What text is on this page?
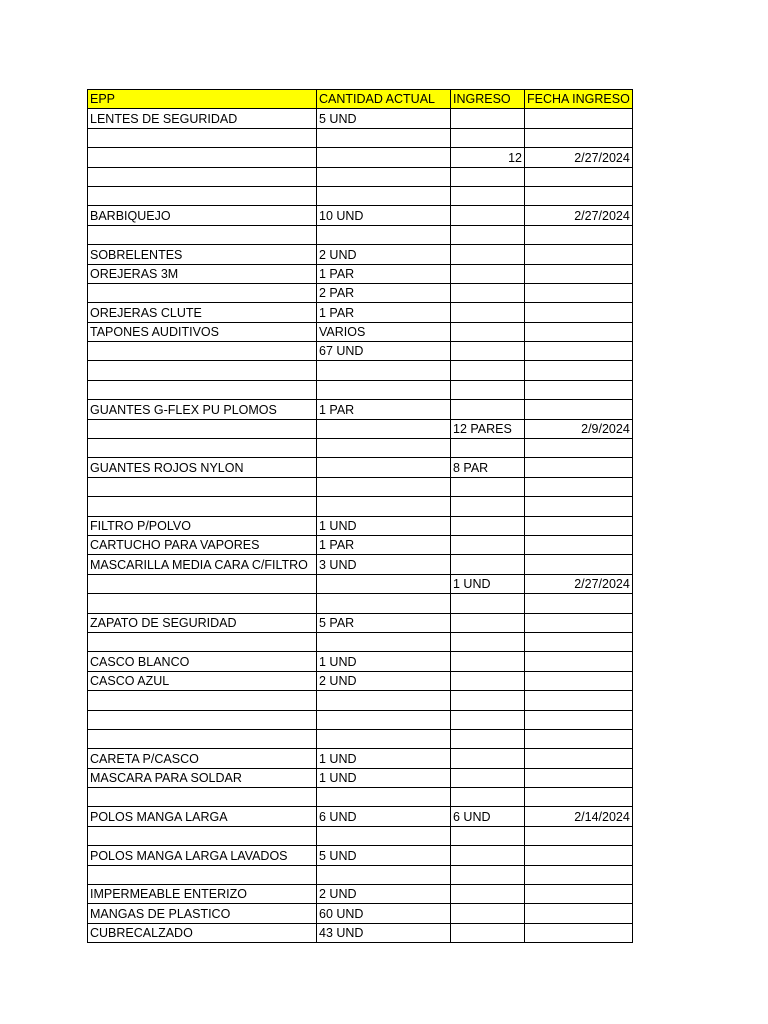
EPP	CANTIDAD ACTUAL	INGRESO	FECHA INGRESO
LENTES DE SEGURIDAD	5 UND		

		12	2/27/2024

BARBIQUEJO	10 UND		2/27/2024

SOBRELENTES	2 UND		
OREJERAS 3M	1 PAR		
	2 PAR		
OREJERAS CLUTE	1 PAR		
TAPONES AUDITIVOS	VARIOS		
	67 UND		

GUANTES G-FLEX PU PLOMOS	1 PAR		
		12 PARES	2/9/2024

GUANTES ROJOS NYLON		8 PAR	

FILTRO P/POLVO	1 UND		
CARTUCHO PARA VAPORES	1 PAR		
MASCARILLA MEDIA CARA C/FILTRO	3 UND		
		1 UND	2/27/2024

ZAPATO DE SEGURIDAD	5 PAR		

CASCO BLANCO	1 UND		
CASCO AZUL	2 UND		

CARETA P/CASCO	1 UND		
MASCARA PARA SOLDAR	1 UND		

POLOS MANGA LARGA	6 UND	6 UND	2/14/2024

POLOS MANGA LARGA LAVADOS	5 UND		

IMPERMEABLE ENTERIZO	2 UND		
MANGAS DE PLASTICO	60 UND		
CUBRECALZADO	43 UND		
